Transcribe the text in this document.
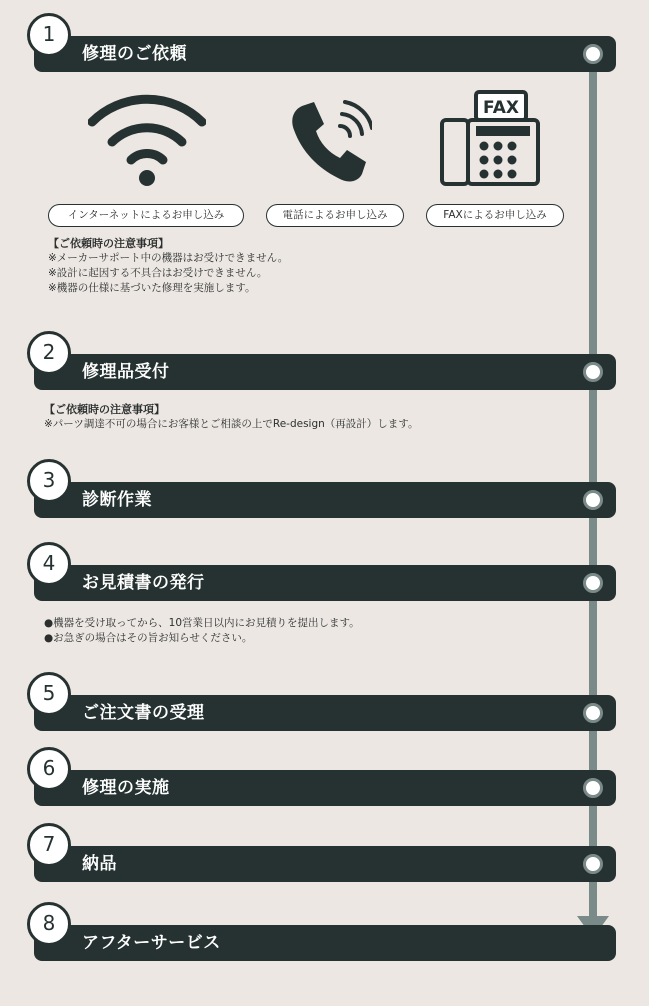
修理のご依頼
1
FAX
インターネットによるお申し込み	電話によるお申し込み	FAXによるお申し込み
【ご依頼時の注意事項】
※メーカーサポート中の機器はお受けできません。
※設計に起因する不具合はお受けできません。
※機器の仕様に基づいた修理を実施します。
修理品受付
2
【ご依頼時の注意事項】
※パーツ調達不可の場合にお客様とご相談の上でRe-design（再設計）します。
診断作業
3
お見積書の発行
4
●機器を受け取ってから、10営業日以内にお見積りを提出します。
●お急ぎの場合はその旨お知らせください。
ご注文書の受理
5
修理の実施
6
納品
7
アフターサービス
8
